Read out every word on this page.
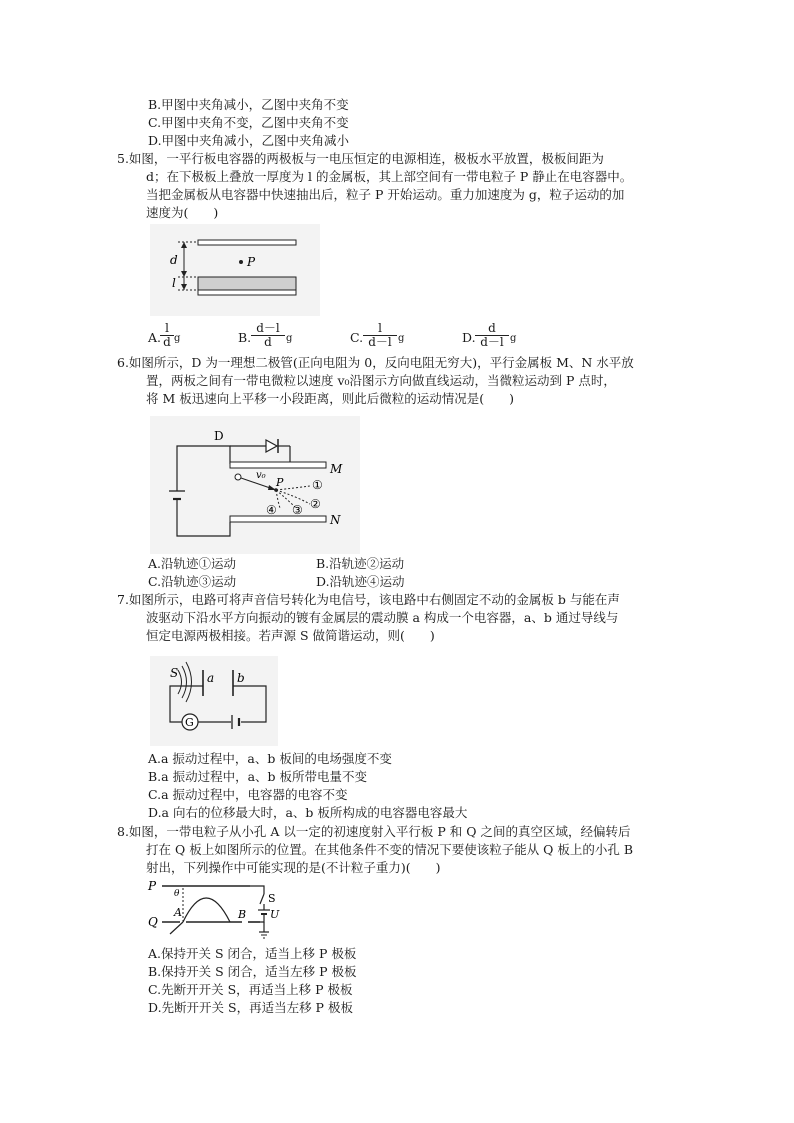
B.甲图中夹角减小，乙图中夹角不变
C.甲图中夹角不变，乙图中夹角不变
D.甲图中夹角减小，乙图中夹角减小
5.如图，一平行板电容器的两极板与一电压恒定的电源相连，极板水平放置，极板间距为
d；在下极板上叠放一厚度为 l 的金属板，其上部空间有一带电粒子 P 静止在电容器中。
当把金属板从电容器中快速抽出后，粒子 P 开始运动。重力加速度为 g，粒子运动的加
速度为(　　)
d
l
P
A.
$\frac{l}{d}$ g	B. $\frac{d-l}{d}$ g	C. $\frac{l}{d-l}$ g	D. $\frac{d}{d-l}$ g
6.如图所示，D 为一理想二极管(正向电阻为 0，反向电阻无穷大)，平行金属板 M、N 水平放
置，两板之间有一带电微粒以速度 v₀沿图示方向做直线运动，当微粒运动到 P 点时，
将 M 板迅速向上平移一小段距离，则此后微粒的运动情况是(　　)
D
M
N
v₀
P ①
②
③
④
A.沿轨迹①运动	B.沿轨迹②运动
C.沿轨迹③运动	D.沿轨迹④运动
7.如图所示，电路可将声音信号转化为电信号，该电路中右侧固定不动的金属板 b 与能在声
波驱动下沿水平方向振动的镀有金属层的震动膜 a 构成一个电容器，a、b 通过导线与
恒定电源两极相接。若声源 S 做简谐运动，则(　　)
S a b
G
A.a 振动过程中，a、b 板间的电场强度不变
B.a 振动过程中，a、b 板所带电量不变
C.a 振动过程中，电容器的电容不变
D.a 向右的位移最大时，a、b 板所构成的电容器电容最大
8.如图，一带电粒子从小孔 A 以一定的初速度射入平行板 P 和 Q 之间的真空区域，经偏转后
打在 Q 板上如图所示的位置。在其他条件不变的情况下要使该粒子能从 Q 板上的小孔 B
射出，下列操作中可能实现的是(不计粒子重力)(　　)
P
Q
A	B
θ	S
U
A.保持开关 S 闭合，适当上移 P 极板
B.保持开关 S 闭合，适当左移 P 极板
C.先断开开关 S，再适当上移 P 极板
D.先断开开关 S，再适当左移 P 极板
